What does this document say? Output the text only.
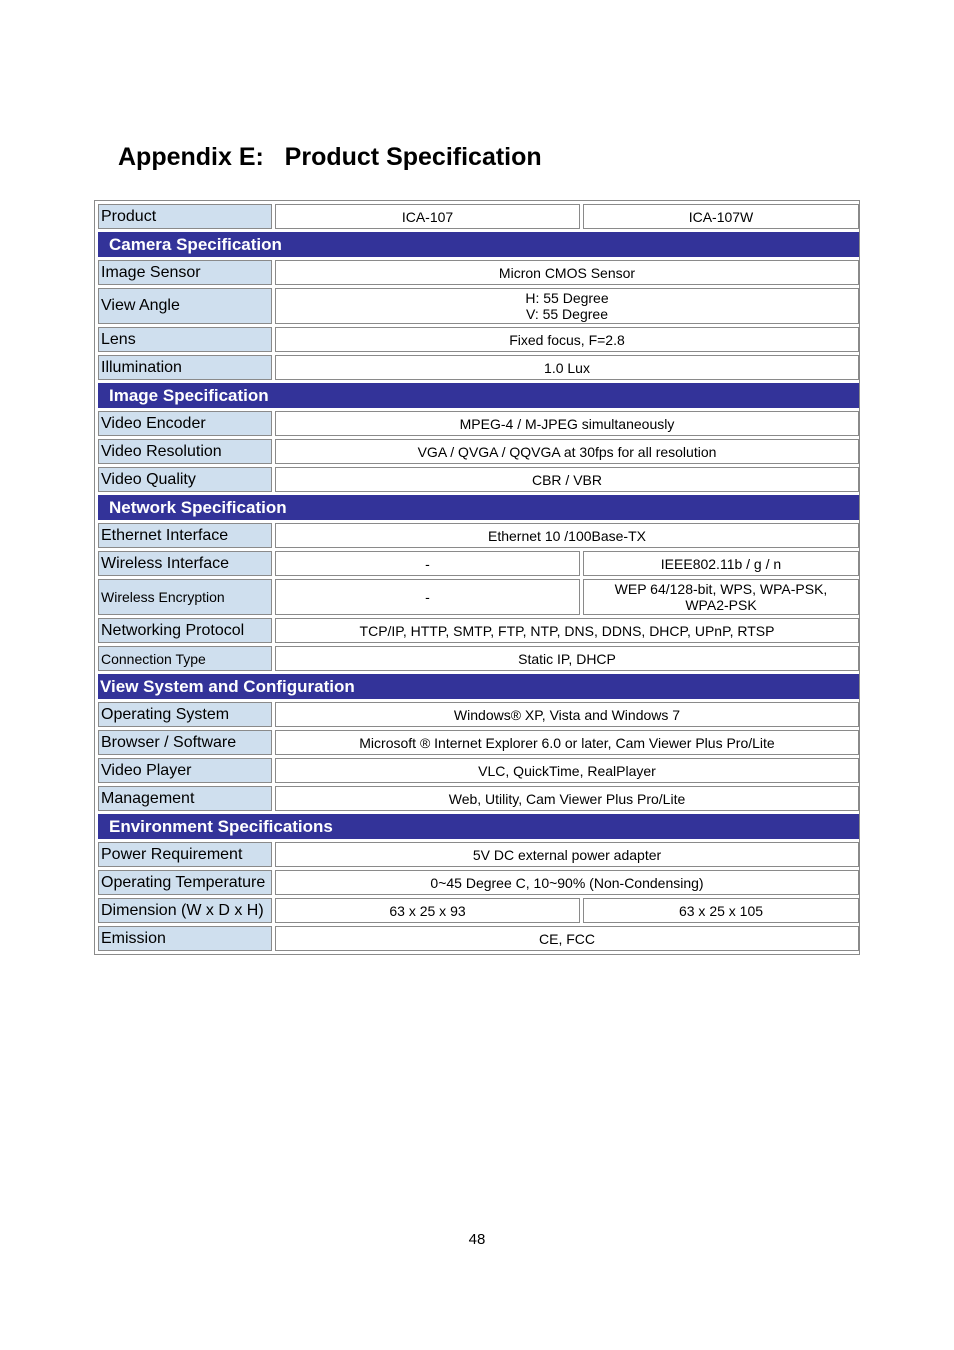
Appendix E:   Product Specification
Product	ICA-107	ICA-107W
Camera Specification		
Image Sensor	Micron CMOS Sensor	
View Angle	H: 55 Degree
V: 55 Degree	

Lens	Fixed focus, F=2.8	
Illumination	1.0 Lux	
Image Specification		
Video Encoder	MPEG-4 / M-JPEG simultaneously	
Video Resolution	VGA / QVGA / QQVGA at 30fps for all resolution	
Video Quality	CBR / VBR	
Network Specification		
Ethernet Interface	Ethernet 10 /100Base-TX	
Wireless Interface	-	IEEE802.11b / g / n
Wireless Encryption	-	WEP 64/128-bit, WPS, WPA-PSK,
WPA2-PSK

Networking Protocol	TCP/IP, HTTP, SMTP, FTP, NTP, DNS, DDNS, DHCP, UPnP, RTSP	
Connection Type	Static IP, DHCP	
View System and Configuration		
Operating System	Windows® XP, Vista and Windows 7	
Browser / Software	Microsoft ® Internet Explorer 6.0 or later, Cam Viewer Plus Pro/Lite	
Video Player	VLC, QuickTime, RealPlayer	
Management	Web, Utility, Cam Viewer Plus Pro/Lite	
Environment Specifications		
Power Requirement	5V DC external power adapter	
Operating Temperature	0~45 Degree C, 10~90% (Non-Condensing)	
Dimension (W x D x H)	63 x 25 x 93	63 x 25 x 105
Emission	CE, FCC	
48
